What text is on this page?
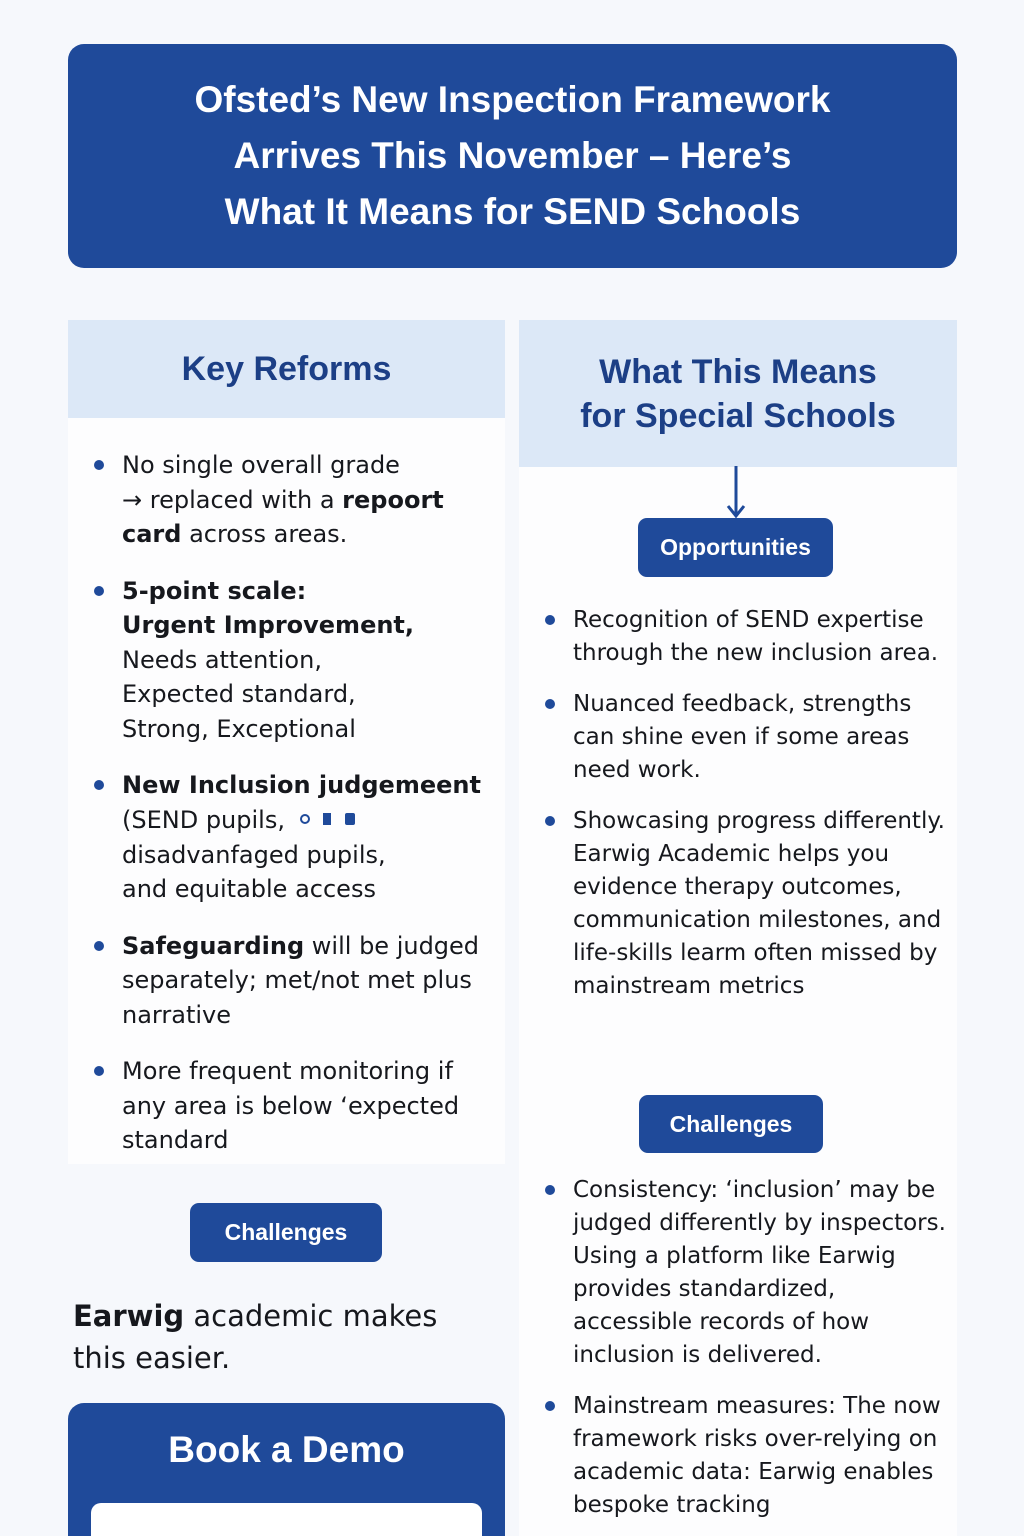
Ofsted’s New Inspection Framework
Arrives This November – Here’s
What It Means for SEND Schools
Key Reforms
No single overall grade
→ replaced with a repoort card across areas.
5-point scale:
Urgent Improvement,
Needs attention,
Expected standard,
Strong, Exceptional
New Inclusion judgemeent
(SEND pupils,
disadvanfaged pupils,
and equitable access
Safeguarding will be judged separately; met/not met plus narrative
More frequent monitoring if any area is below ‘expected standard
Challenges
Earwig academic makes this easier.
Book a Demo
What This Means
for Special Schools
Opportunities
Recognition of SEND expertise through the new inclusion area.
Nuanced feedback, strengths can shine even if some areas need work.
Showcasing progress differently. Earwig Academic helps you evidence therapy outcomes, communication milestones, and life-skills learm often missed by mainstream metrics
Challenges
Consistency: ‘inclusion’ may be judged differently by inspectors. Using a platform like Earwig provides standardized, accessible records of how inclusion is delivered.
Mainstream measures: The now framework risks over-relying on academic data: Earwig enables bespoke tracking
